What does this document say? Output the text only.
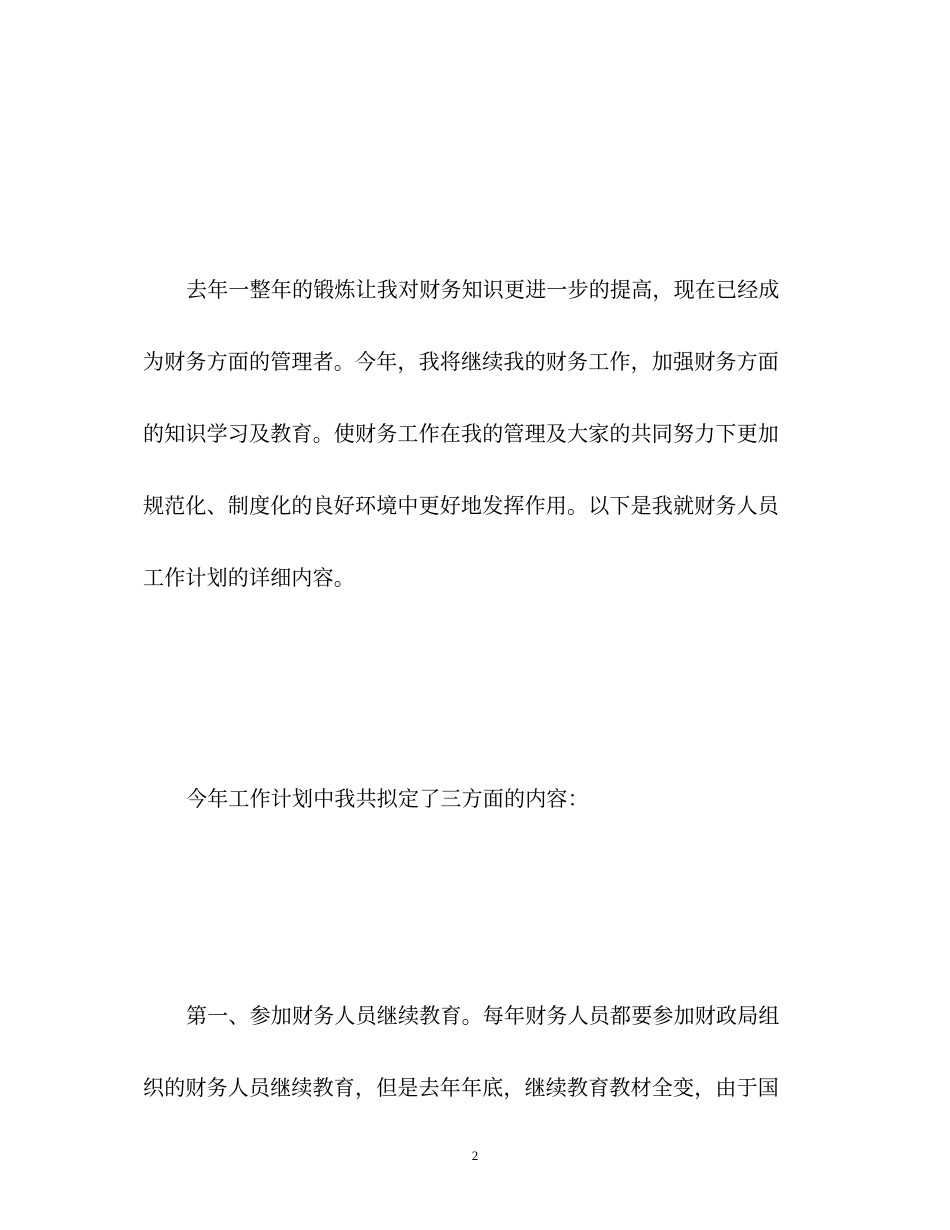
去年一整年的锻炼让我对财务知识更进一步的提高，现在已经成
为财务方面的管理者。今年，我将继续我的财务工作，加强财务方面
的知识学习及教育。使财务工作在我的管理及大家的共同努力下更加
规范化、制度化的良好环境中更好地发挥作用。以下是我就财务人员
工作计划的详细内容。
今年工作计划中我共拟定了三方面的内容：
第一、参加财务人员继续教育。每年财务人员都要参加财政局组
织的财务人员继续教育，但是去年年底，继续教育教材全变，由于国
2
